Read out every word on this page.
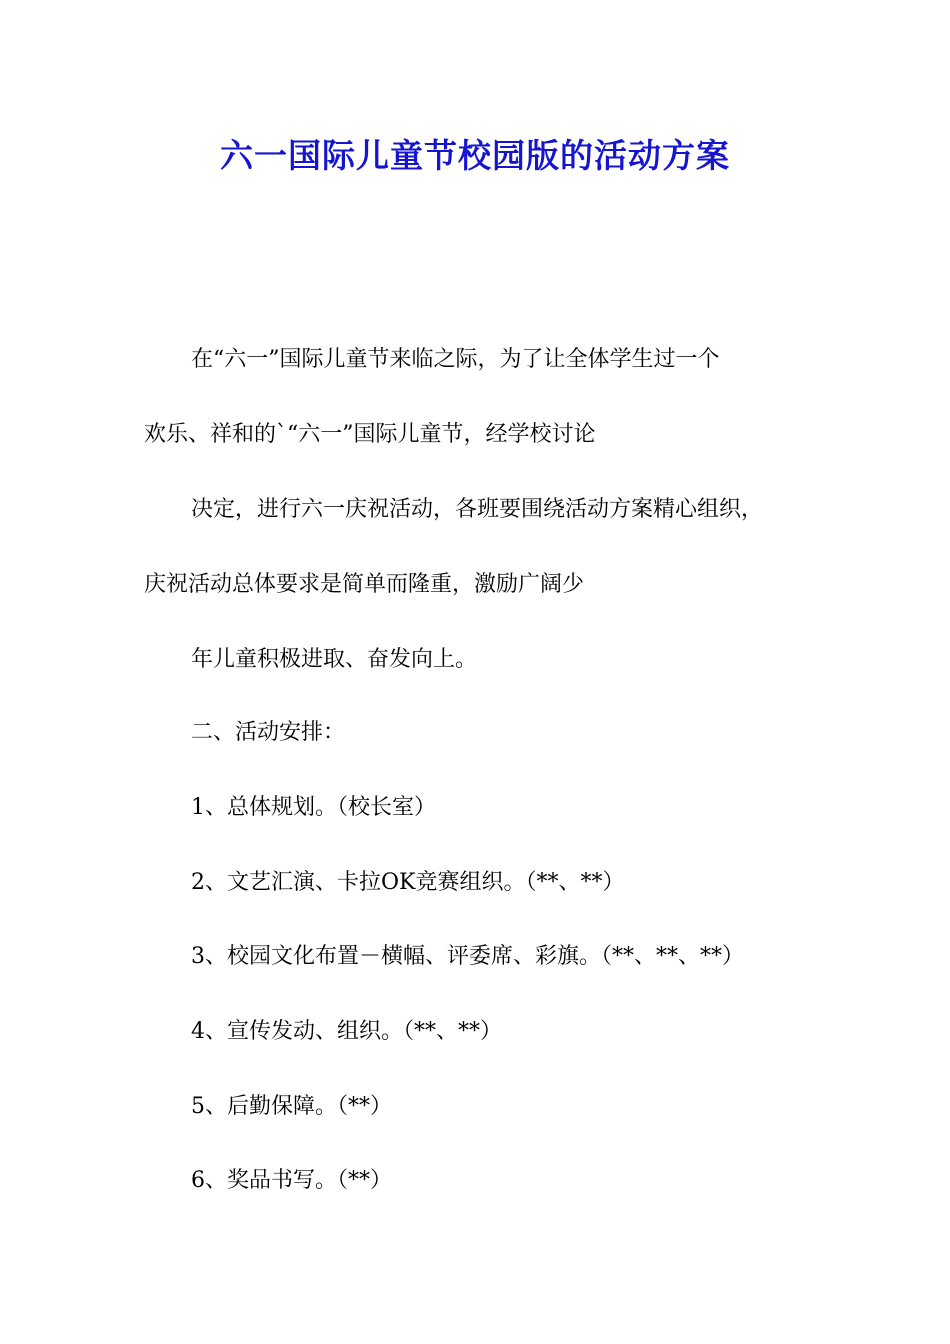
六一国际儿童节校园版的活动方案
在“六一”国际儿童节来临之际，为了让全体学生过一个
欢乐、祥和的`“六一”国际儿童节，经学校讨论
决定，进行六一庆祝活动，各班要围绕活动方案精心组织，
庆祝活动总体要求是简单而隆重，激励广阔少
年儿童积极进取、奋发向上。
二、活动安排：
1、总体规划。（校长室）
2、文艺汇演、卡拉OK竞赛组织。（**、**）
3、校园文化布置－横幅、评委席、彩旗。（**、**、**）
4、宣传发动、组织。（**、**）
5、后勤保障。（**）
6、奖品书写。（**）
